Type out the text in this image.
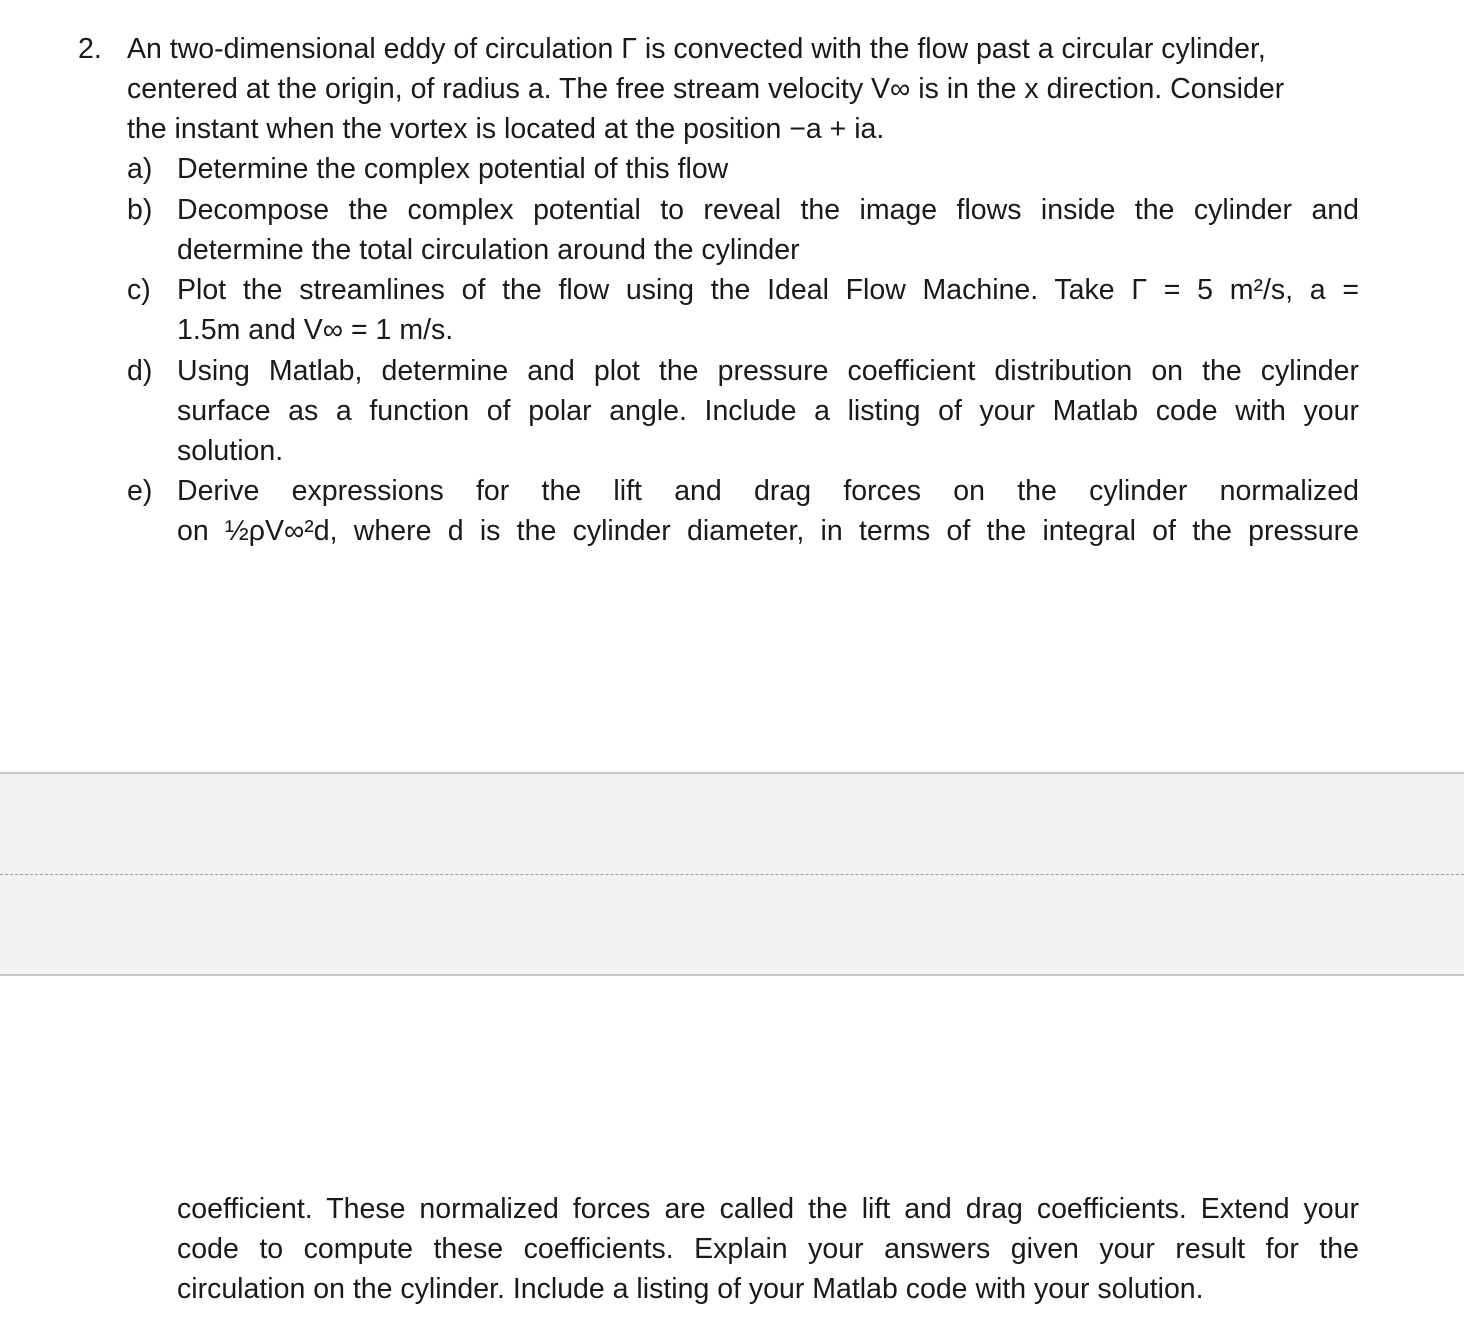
2. An two-dimensional eddy of circulation Γ is convected with the flow past a circular cylinder,
centered at the origin, of radius a. The free stream velocity V∞ is in the x direction. Consider
the instant when the vortex is located at the position −a + ia.
a) Determine the complex potential of this flow
b) Decompose the complex potential to reveal the image flows inside the cylinder and
determine the total circulation around the cylinder
c) Plot the streamlines of the flow using the Ideal Flow Machine. Take Γ = 5 m²/s, a =
1.5m and V∞ = 1 m/s.
d) Using Matlab, determine and plot the pressure coefficient distribution on the cylinder
surface as a function of polar angle. Include a listing of your Matlab code with your
solution.
e) Derive expressions for the lift and drag forces on the cylinder normalized
on ½ρV∞²d, where d is the cylinder diameter, in terms of the integral of the pressure
coefficient. These normalized forces are called the lift and drag coefficients. Extend your
code to compute these coefficients. Explain your answers given your result for the
circulation on the cylinder. Include a listing of your Matlab code with your solution.
